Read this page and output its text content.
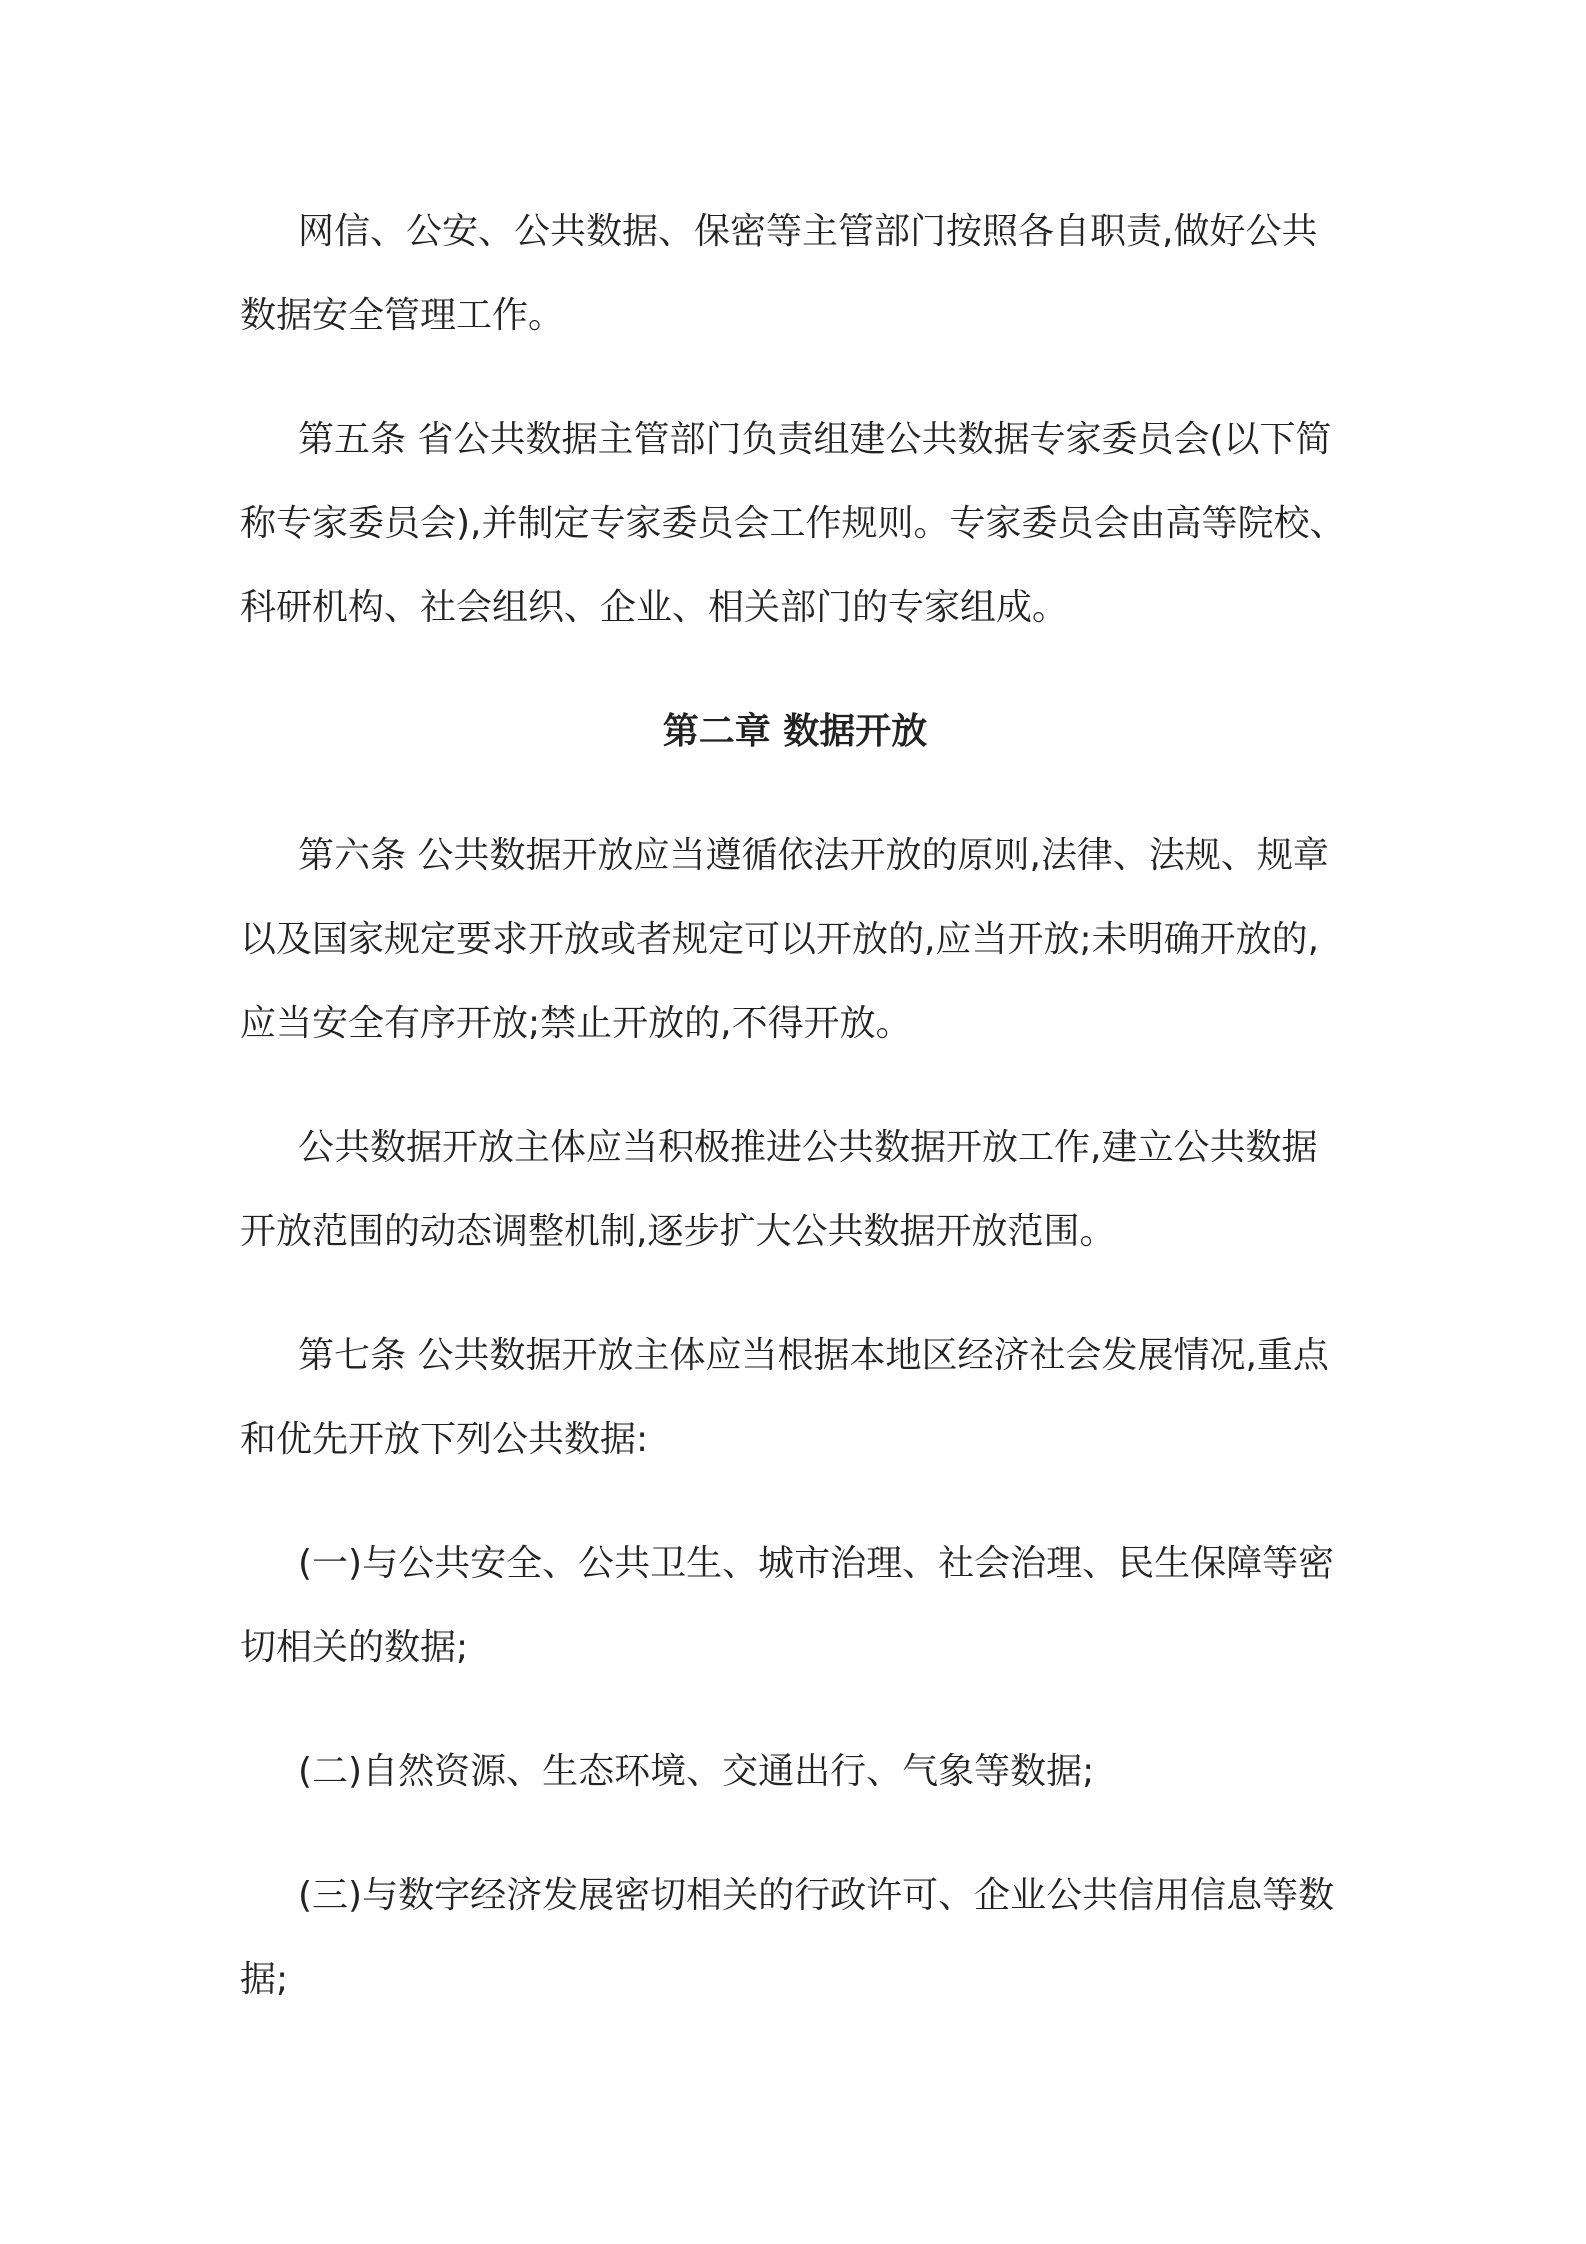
网信、公安、公共数据、保密等主管部门按照各自职责,做好公共数据安全管理工作。

第五条 省公共数据主管部门负责组建公共数据专家委员会(以下简称专家委员会),并制定专家委员会工作规则。专家委员会由高等院校、科研机构、社会组织、企业、相关部门的专家组成。

第二章 数据开放

第六条 公共数据开放应当遵循依法开放的原则,法律、法规、规章以及国家规定要求开放或者规定可以开放的,应当开放;未明确开放的,应当安全有序开放;禁止开放的,不得开放。

公共数据开放主体应当积极推进公共数据开放工作,建立公共数据开放范围的动态调整机制,逐步扩大公共数据开放范围。

第七条 公共数据开放主体应当根据本地区经济社会发展情况,重点和优先开放下列公共数据:

(一)与公共安全、公共卫生、城市治理、社会治理、民生保障等密切相关的数据;

(二)自然资源、生态环境、交通出行、气象等数据;

(三)与数字经济发展密切相关的行政许可、企业公共信用信息等数据;
